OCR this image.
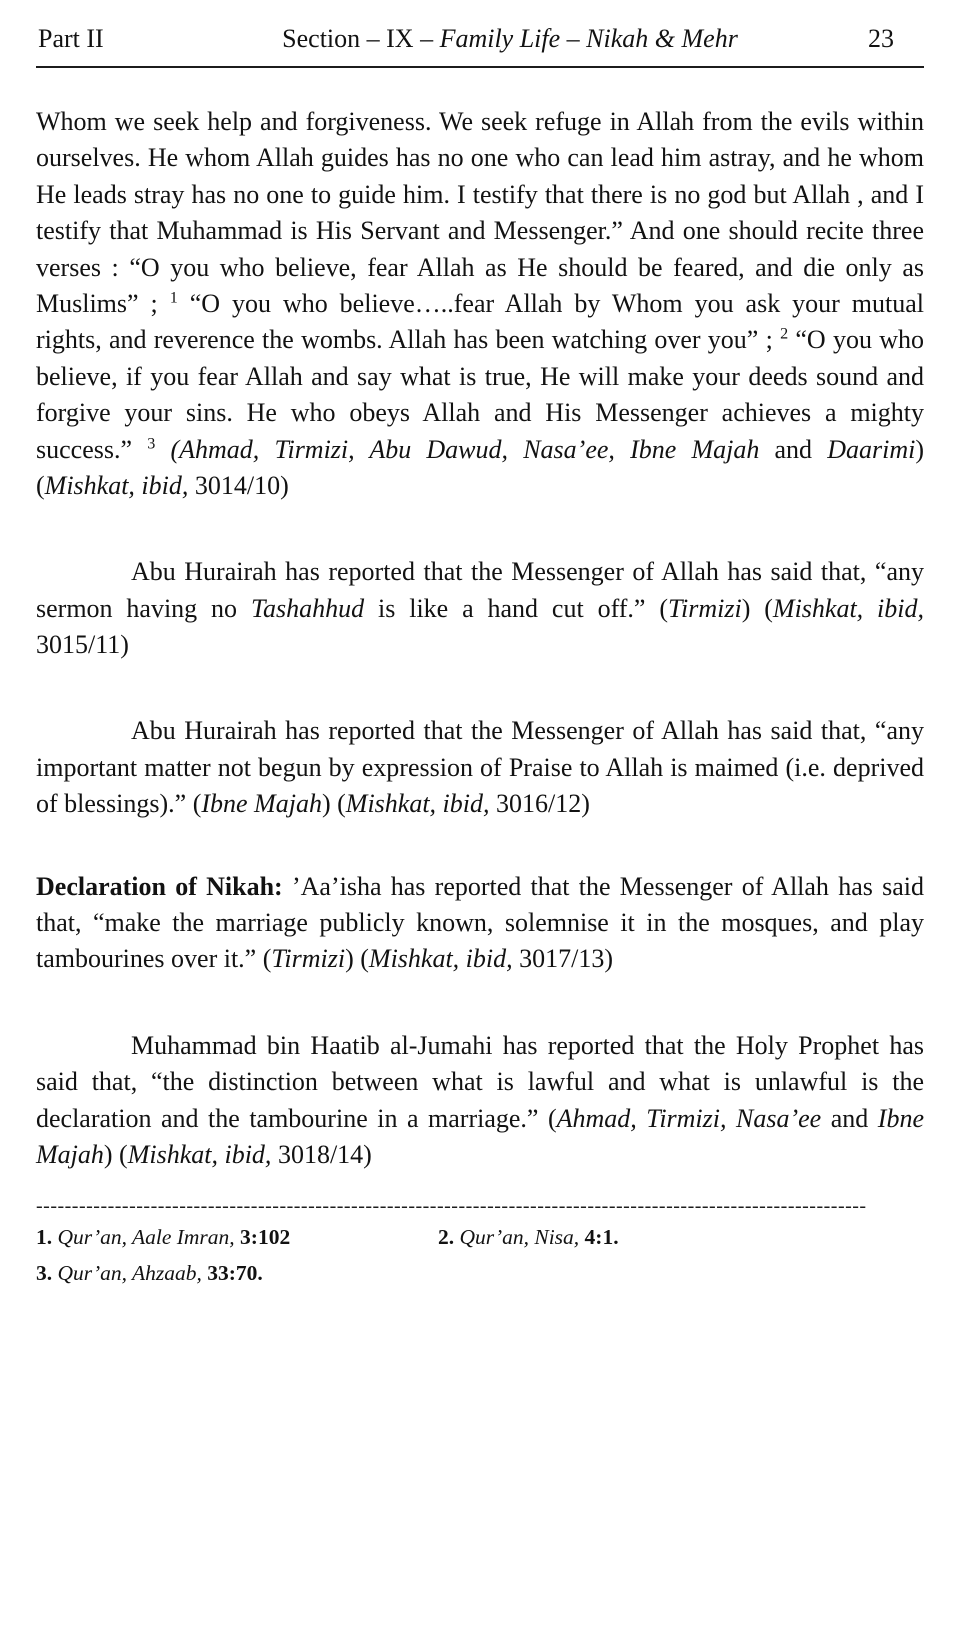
Part II	Section – IX – Family Life – Nikah & Mehr	23

Whom we seek help and forgiveness. We seek refuge in Allah from the evils within ourselves. He whom Allah guides has no one who can lead him astray, and he whom He leads stray has no one to guide him. I testify that there is no god but Allah , and I testify that Muhammad is His Servant and Messenger.” And one should recite three verses : “O you who believe, fear Allah as He should be feared, and die only as Muslims” ; $^1$ “O you who believe…..fear Allah by Whom you ask your mutual rights, and reverence the wombs. Allah has been watching over you” ; $^2$ “O you who believe, if you fear Allah and say what is true, He will make your deeds sound and forgive your sins. He who obeys Allah and His Messenger achieves a mighty success.” $^3$ (Ahmad, Tirmizi, Abu Dawud, Nasa’ee, Ibne Majah and Daarimi) (Mishkat, ibid, 3014/10)

Abu Hurairah has reported that the Messenger of Allah has said that, “any sermon having no Tashahhud is like a hand cut off.” (Tirmizi) (Mishkat, ibid, 3015/11)

Abu Hurairah has reported that the Messenger of Allah has said that, “any important matter not begun by expression of Praise to Allah is maimed (i.e. deprived of blessings).” (Ibne Majah) (Mishkat, ibid, 3016/12)

Declaration of Nikah: ’Aa’isha has reported that the Messenger of Allah has said that, “make the marriage publicly known, solemnise it in the mosques, and play tambourines over it.” (Tirmizi) (Mishkat, ibid, 3017/13)

Muhammad bin Haatib al-Jumahi has reported that the Holy Prophet has said that, “the distinction between what is lawful and what is unlawful is the declaration and the tambourine in a marriage.” (Ahmad, Tirmizi, Nasa’ee and Ibne Majah) (Mishkat, ibid, 3018/14)

--------------------------------------------------------------------------------------------------------------------
1. Qur’an, Aale Imran, 3:102	2. Qur’an, Nisa, 4:1.
3. Qur’an, Ahzaab, 33:70.
